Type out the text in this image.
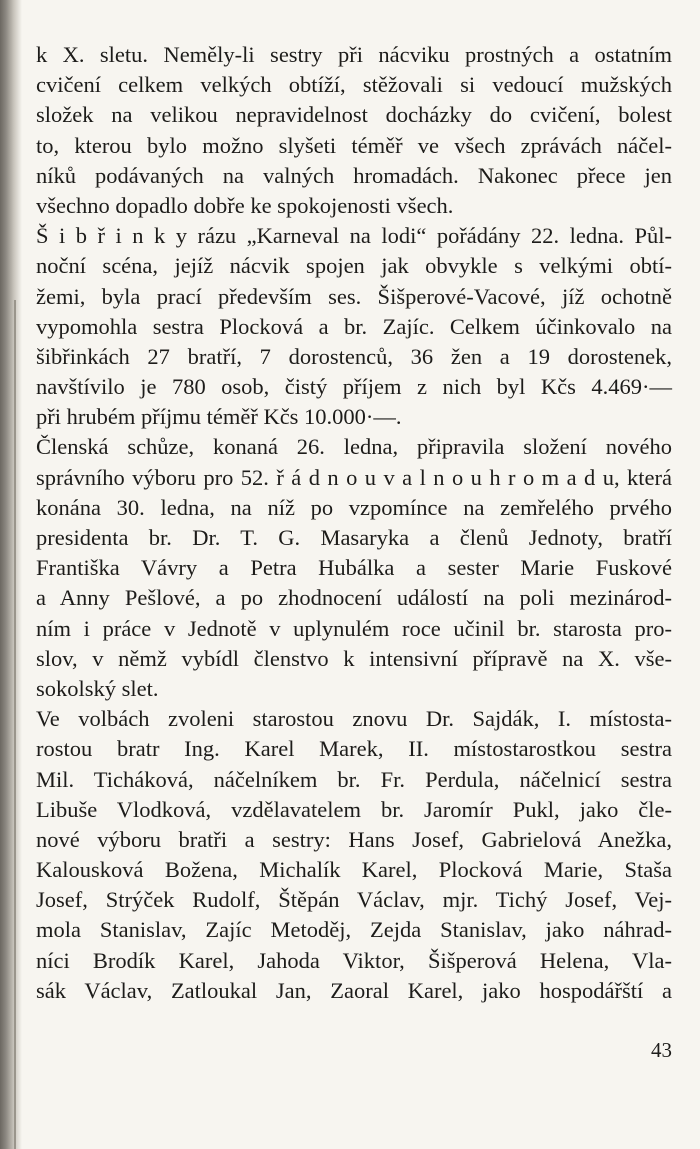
k X. sletu. Neměly-li sestry při nácviku prostných a ostatním
cvičení celkem velkých obtíží, stěžovali si vedoucí mužských
složek na velikou nepravidelnost docházky do cvičení, bolest
to, kterou bylo možno slyšeti téměř ve všech zprávách náčel-
níků podávaných na valných hromadách. Nakonec přece jen
všechno dopadlo dobře ke spokojenosti všech.
Š i b ř i n k y rázu „Karneval na lodi“ pořádány 22. ledna. Půl-
noční scéna, jejíž nácvik spojen jak obvykle s velkými obtí-
žemi, byla prací především ses. Šišperové-Vacové, jíž ochotně
vypomohla sestra Plocková a br. Zajíc. Celkem účinkovalo na
šibřinkách 27 bratří, 7 dorostenců, 36 žen a 19 dorostenek,
navštívilo je 780 osob, čistý příjem z nich byl Kčs 4.469·—
při hrubém příjmu téměř Kčs 10.000·—.
Členská schůze, konaná 26. ledna, připravila složení nového
správního výboru pro 52. ř á d n o u v a l n o u h r o m a d u, která
konána 30. ledna, na níž po vzpomínce na zemřelého prvého
presidenta br. Dr. T. G. Masaryka a členů Jednoty, bratří
Františka Vávry a Petra Hubálka a sester Marie Fuskové
a Anny Pešlové, a po zhodnocení událostí na poli mezinárod-
ním i práce v Jednotě v uplynulém roce učinil br. starosta pro-
slov, v němž vybídl členstvo k intensivní přípravě na X. vše-
sokolský slet.
Ve volbách zvoleni starostou znovu Dr. Sajdák, I. místosta-
rostou bratr Ing. Karel Marek, II. místostarostkou sestra
Mil. Ticháková, náčelníkem br. Fr. Perdula, náčelnicí sestra
Libuše Vlodková, vzdělavatelem br. Jaromír Pukl, jako čle-
nové výboru bratři a sestry: Hans Josef, Gabrielová Anežka,
Kalousková Božena, Michalík Karel, Plocková Marie, Staša
Josef, Strýček Rudolf, Štěpán Václav, mjr. Tichý Josef, Vej-
mola Stanislav, Zajíc Metoděj, Zejda Stanislav, jako náhrad-
níci Brodík Karel, Jahoda Viktor, Šišperová Helena, Vla-
sák Václav, Zatloukal Jan, Zaoral Karel, jako hospodářští a
43
